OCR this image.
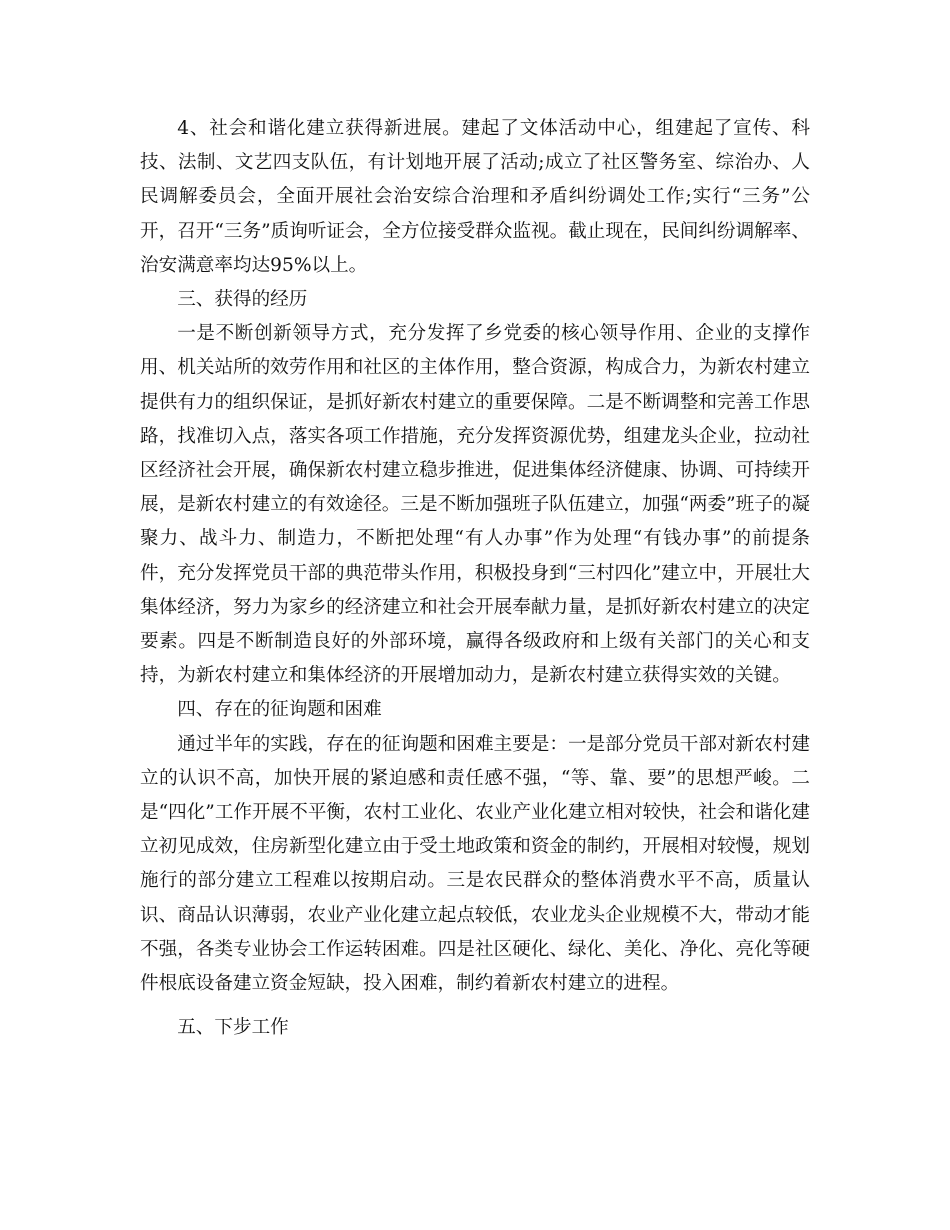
4、社会和谐化建立获得新进展。建起了文体活动中心，组建起了宣传、科技、法制、文艺四支队伍，有计划地开展了活动;成立了社区警务室、综治办、人民调解委员会，全面开展社会治安综合治理和矛盾纠纷调处工作;实行“三务”公开，召开“三务”质询听证会，全方位接受群众监视。截止现在，民间纠纷调解率、治安满意率均达95%以上。

三、获得的经历

一是不断创新领导方式，充分发挥了乡党委的核心领导作用、企业的支撑作用、机关站所的效劳作用和社区的主体作用，整合资源，构成合力，为新农村建立提供有力的组织保证，是抓好新农村建立的重要保障。二是不断调整和完善工作思路，找准切入点，落实各项工作措施，充分发挥资源优势，组建龙头企业，拉动社区经济社会开展，确保新农村建立稳步推进，促进集体经济健康、协调、可持续开展，是新农村建立的有效途径。三是不断加强班子队伍建立，加强“两委”班子的凝聚力、战斗力、制造力，不断把处理“有人办事”作为处理“有钱办事”的前提条件，充分发挥党员干部的典范带头作用，积极投身到“三村四化”建立中，开展壮大集体经济，努力为家乡的经济建立和社会开展奉献力量，是抓好新农村建立的决定要素。四是不断制造良好的外部环境，赢得各级政府和上级有关部门的关心和支持，为新农村建立和集体经济的开展增加动力，是新农村建立获得实效的关键。

四、存在的征询题和困难

通过半年的实践，存在的征询题和困难主要是：一是部分党员干部对新农村建立的认识不高，加快开展的紧迫感和责任感不强，“等、靠、要”的思想严峻。二是“四化”工作开展不平衡，农村工业化、农业产业化建立相对较快，社会和谐化建立初见成效，住房新型化建立由于受土地政策和资金的制约，开展相对较慢，规划施行的部分建立工程难以按期启动。三是农民群众的整体消费水平不高，质量认识、商品认识薄弱，农业产业化建立起点较低，农业龙头企业规模不大，带动才能不强，各类专业协会工作运转困难。四是社区硬化、绿化、美化、净化、亮化等硬件根底设备建立资金短缺，投入困难，制约着新农村建立的进程。

五、下步工作
